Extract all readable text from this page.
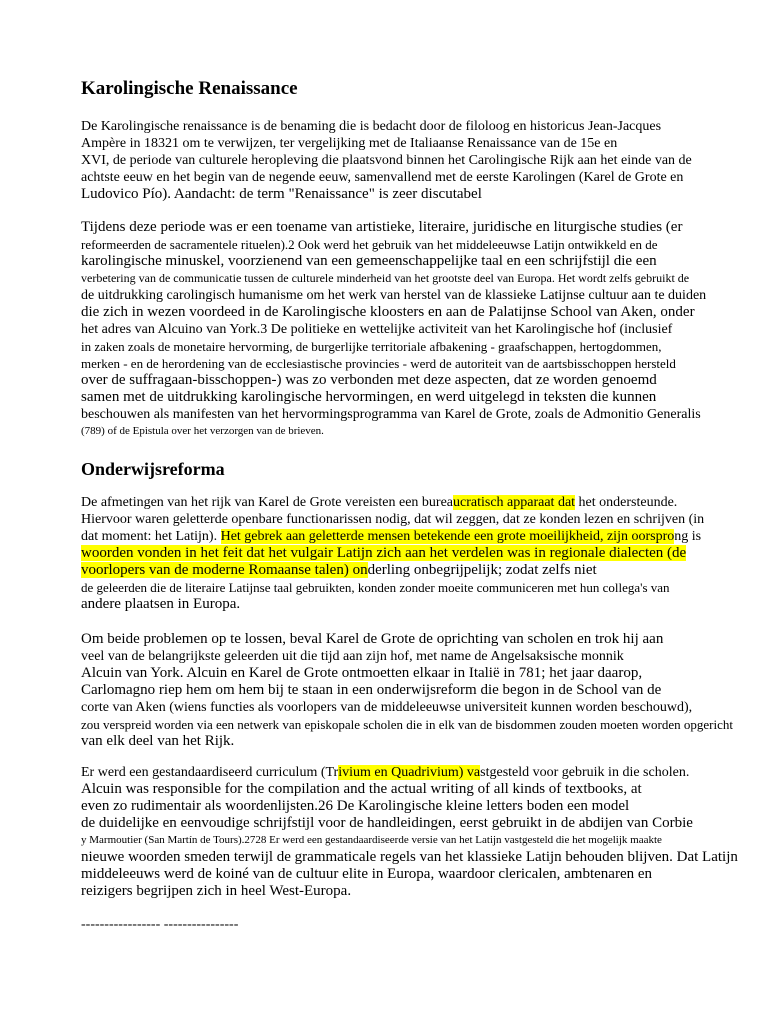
Karolingische Renaissance
De Karolingische renaissance is de benaming die is bedacht door de filoloog en historicus Jean-Jacques
Ampère in 18321 om te verwijzen, ter vergelijking met de Italiaanse Renaissance van de 15e en
XVI, de periode van culturele heropleving die plaatsvond binnen het Carolingische Rijk aan het einde van de
achtste eeuw en het begin van de negende eeuw, samenvallend met de eerste Karolingen (Karel de Grote en
Ludovico Pío). Aandacht: de term "Renaissance" is zeer discutabel
Tijdens deze periode was er een toename van artistieke, literaire, juridische en liturgische studies (er
reformeerden de sacramentele rituelen).2 Ook werd het gebruik van het middeleeuwse Latijn ontwikkeld en de
karolingische minuskel, voorzienend van een gemeenschappelijke taal en een schrijfstijl die een
verbetering van de communicatie tussen de culturele minderheid van het grootste deel van Europa. Het wordt zelfs gebruikt de
de uitdrukking carolingisch humanisme om het werk van herstel van de klassieke Latijnse cultuur aan te duiden
die zich in wezen voordeed in de Karolingische kloosters en aan de Palatijnse School van Aken, onder
het adres van Alcuino van York.3 De politieke en wettelijke activiteit van het Karolingische hof (inclusief
in zaken zoals de monetaire hervorming, de burgerlijke territoriale afbakening - graafschappen, hertogdommen,
merken - en de herordening van de ecclesiastische provincies - werd de autoriteit van de aartsbisschoppen hersteld
over de suffragaan-bisschoppen-) was zo verbonden met deze aspecten, dat ze worden genoemd
samen met de uitdrukking karolingische hervormingen, en werd uitgelegd in teksten die kunnen
beschouwen als manifesten van het hervormingsprogramma van Karel de Grote, zoals de Admonitio Generalis
(789) of de Epistula over het verzorgen van de brieven.
Onderwijsreforma
De afmetingen van het rijk van Karel de Grote vereisten een bureaucratisch apparaat dat het ondersteunde.
Hiervoor waren geletterde openbare functionarissen nodig, dat wil zeggen, dat ze konden lezen en schrijven (in
dat moment: het Latijn). Het gebrek aan geletterde mensen betekende een grote moeilijkheid, zijn oorsprong is
woorden vonden in het feit dat het vulgair Latijn zich aan het verdelen was in regionale dialecten (de
voorlopers van de moderne Romaanse talen) onderling onbegrijpelijk; zodat zelfs niet
de geleerden die de literaire Latijnse taal gebruikten, konden zonder moeite communiceren met hun collega's van
andere plaatsen in Europa.
Om beide problemen op te lossen, beval Karel de Grote de oprichting van scholen en trok hij aan
veel van de belangrijkste geleerden uit die tijd aan zijn hof, met name de Angelsaksische monnik
Alcuin van York. Alcuin en Karel de Grote ontmoetten elkaar in Italië in 781; het jaar daarop,
Carlomagno riep hem om hem bij te staan in een onderwijsreform die begon in de School van de
corte van Aken (wiens functies als voorlopers van de middeleeuwse universiteit kunnen worden beschouwd),
zou verspreid worden via een netwerk van episkopale scholen die in elk van de bisdommen zouden moeten worden opgericht
van elk deel van het Rijk.
Er werd een gestandaardiseerd curriculum (Trivium en Quadrivium) vastgesteld voor gebruik in die scholen.
Alcuin was responsible for the compilation and the actual writing of all kinds of textbooks, at
even zo rudimentair als woordenlijsten.26 De Karolingische kleine letters boden een model
de duidelijke en eenvoudige schrijfstijl voor de handleidingen, eerst gebruikt in de abdijen van Corbie
y Marmoutier (San Martín de Tours).2728 Er werd een gestandaardiseerde versie van het Latijn vastgesteld die het mogelijk maakte
nieuwe woorden smeden terwijl de grammaticale regels van het klassieke Latijn behouden blijven. Dat Latijn
middeleeuws werd de koiné van de cultuur elite in Europa, waardoor clericalen, ambtenaren en
reizigers begrijpen zich in heel West-Europa.
----------------- ----------------
